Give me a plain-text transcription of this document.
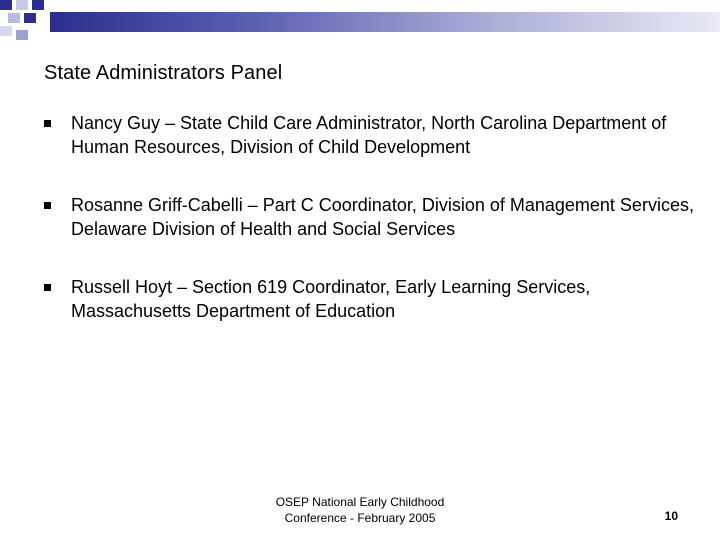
State Administrators Panel
Nancy Guy – State Child Care Administrator, North Carolina Department of Human Resources, Division of Child Development
Rosanne Griff-Cabelli – Part C Coordinator, Division of Management Services, Delaware Division of Health and Social Services
Russell Hoyt – Section 619 Coordinator, Early Learning Services, Massachusetts Department of Education
OSEP National Early Childhood
Conference - February 2005	10
